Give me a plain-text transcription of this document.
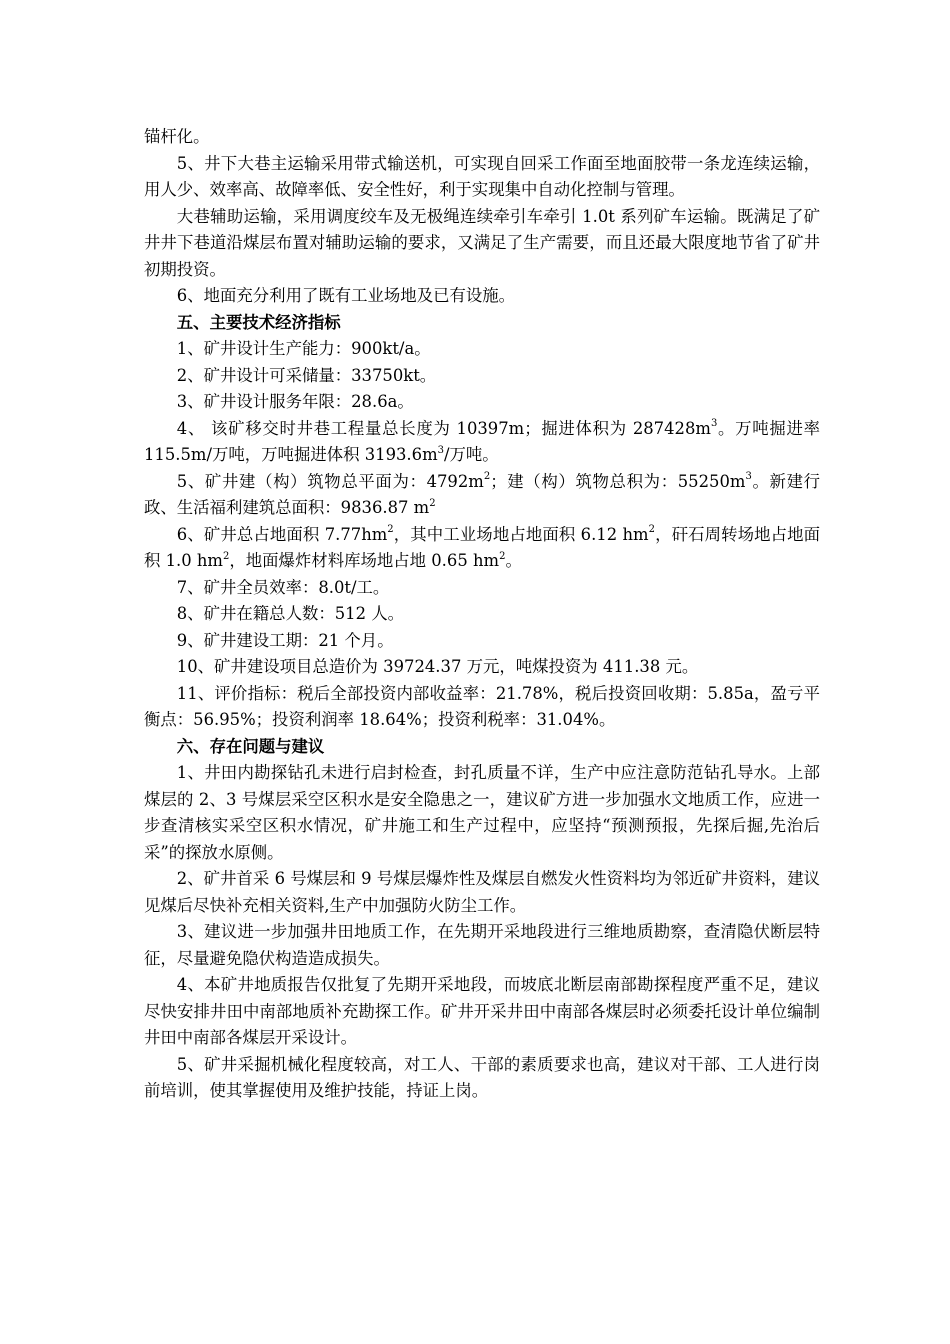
锚杆化。

5、井下大巷主运输采用带式输送机，可实现自回采工作面至地面胶带一条龙连续运输，用人少、效率高、故障率低、安全性好，利于实现集中自动化控制与管理。

大巷辅助运输，采用调度绞车及无极绳连续牵引车牵引 1.0t 系列矿车运输。既满足了矿井井下巷道沿煤层布置对辅助运输的要求，又满足了生产需要，而且还最大限度地节省了矿井初期投资。

6、地面充分利用了既有工业场地及已有设施。

五、主要技术经济指标

1、矿井设计生产能力：900kt/a。

2、矿井设计可采储量：33750kt。

3、矿井设计服务年限：28.6a。

4、 该矿移交时井巷工程量总长度为 10397m；掘进体积为 $287428m^3$。万吨掘进率 115.5m/万吨，万吨掘进体积 $3193.6m^3/$万吨。

5、矿井建（构）筑物总平面为：$4792m^2$；建（构）筑物总积为：$55250m^3$。新建行政、生活福利建筑总面积：9836.87 $m^2$

6、矿井总占地面积 $7.77hm^2$，其中工业场地占地面积 6.12 $hm^2$，矸石周转场地占地面积 1.0 $hm^2$，地面爆炸材料库场地占地 0.65 $hm^2$。

7、矿井全员效率：8.0t/工。

8、矿井在籍总人数：512 人。

9、矿井建设工期：21 个月。

10、矿井建设项目总造价为 39724.37 万元，吨煤投资为 411.38 元。

11、评价指标：税后全部投资内部收益率：21.78%，税后投资回收期：5.85a，盈亏平衡点：56.95%；投资利润率 18.64%；投资利税率：31.04%。

六、存在问题与建议

1、井田内勘探钻孔未进行启封检查，封孔质量不详，生产中应注意防范钻孔导水。上部煤层的 2、3 号煤层采空区积水是安全隐患之一，建议矿方进一步加强水文地质工作，应进一步查清核实采空区积水情况，矿井施工和生产过程中，应坚持“预测预报，先探后掘,先治后采”的探放水原侧。

2、矿井首采 6 号煤层和 9 号煤层爆炸性及煤层自燃发火性资料均为邻近矿井资料，建议见煤后尽快补充相关资料,生产中加强防火防尘工作。

3、建议进一步加强井田地质工作，在先期开采地段进行三维地质勘察，查清隐伏断层特征，尽量避免隐伏构造造成损失。

4、本矿井地质报告仅批复了先期开采地段，而坡底北断层南部勘探程度严重不足，建议尽快安排井田中南部地质补充勘探工作。矿井开采井田中南部各煤层时必须委托设计单位编制井田中南部各煤层开采设计。

5、矿井采掘机械化程度较高，对工人、干部的素质要求也高，建议对干部、工人进行岗前培训，使其掌握使用及维护技能，持证上岗。
